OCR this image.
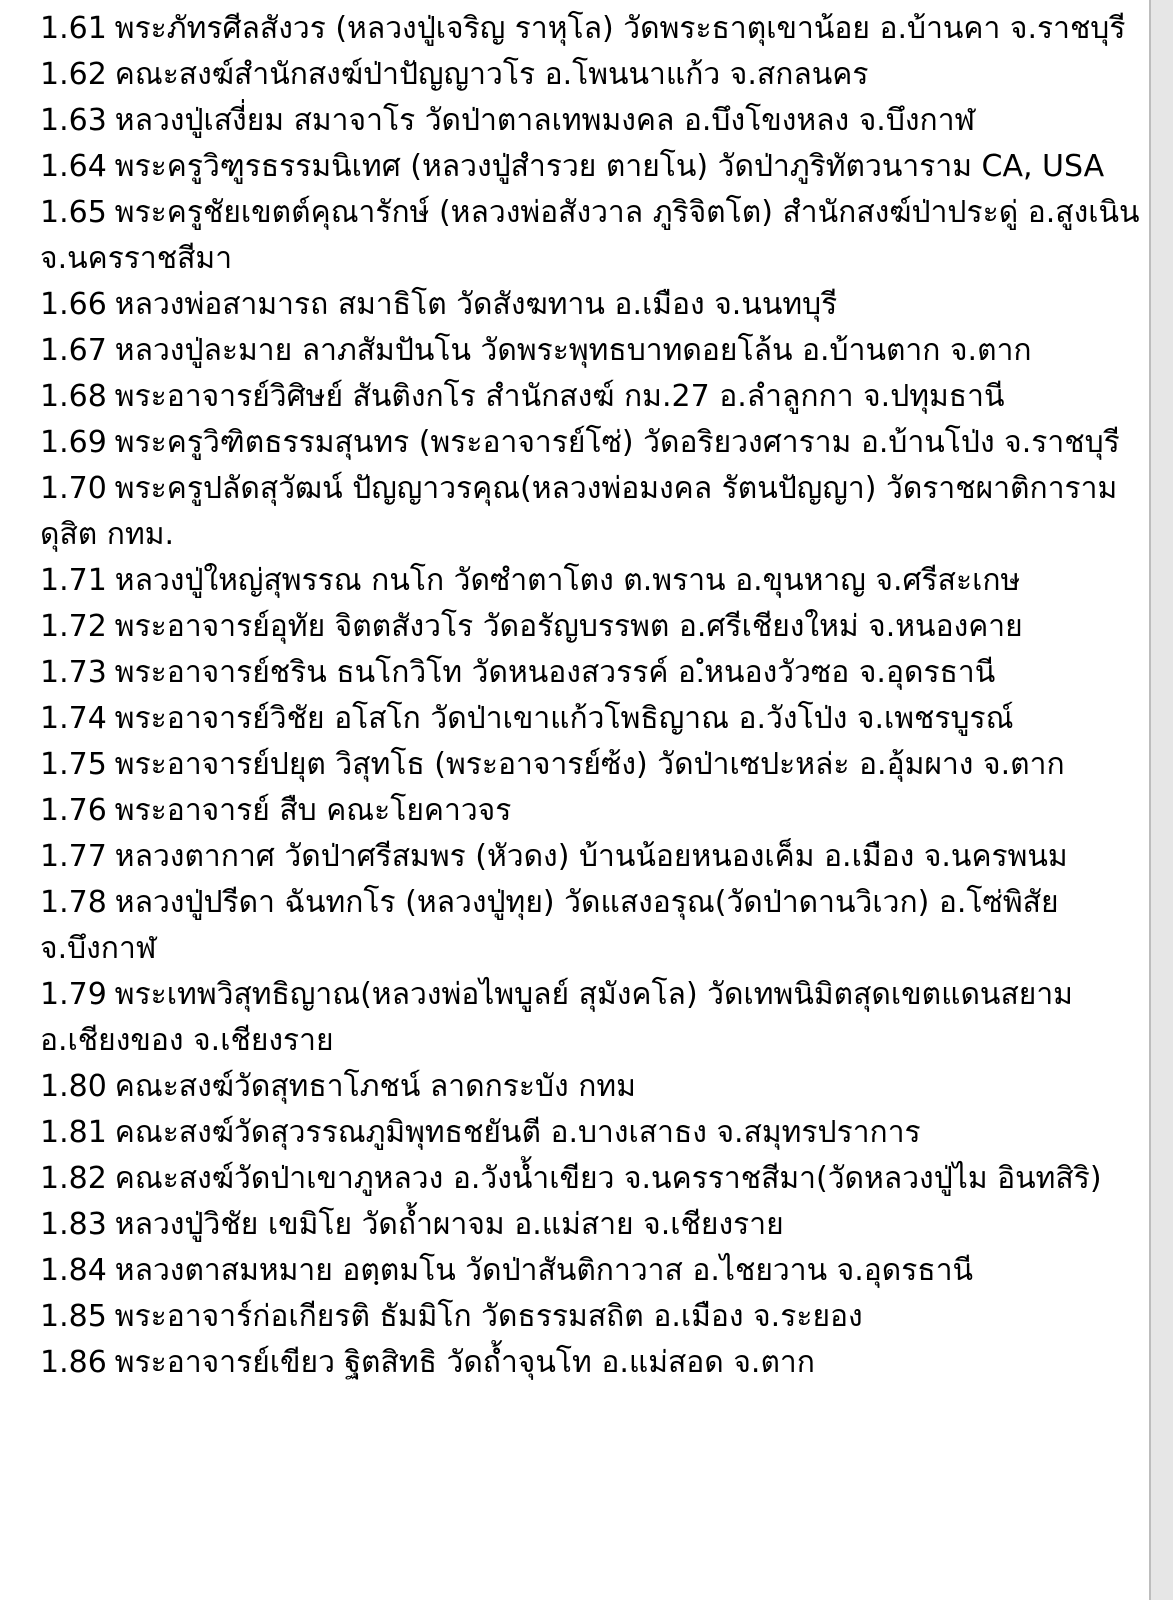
1.61 พระภัทรศีลสังวร (หลวงปู่เจริญ ราหุโล) วัดพระธาตุเขาน้อย อ.บ้านคา จ.ราชบุรี

1.62 คณะสงฆ์สำนักสงฆ์ป่าปัญญาวโร อ.โพนนาแก้ว จ.สกลนคร

1.63 หลวงปู่เสงี่ยม สมาจาโร วัดป่าตาลเทพมงคล อ.บึงโขงหลง จ.บึงกาฬ

1.64 พระครูวิฑูรธรรมนิเทศ (หลวงปู่สำรวย ตายโน) วัดป่าภูริทัตวนาราม CA, USA

1.65 พระครูชัยเขตต์คุณารักษ์ (หลวงพ่อสังวาล ภูริจิตโต) สำนักสงฆ์ป่าประดู่ อ.สูงเนิน จ.นครราชสีมา

1.66 หลวงพ่อสามารถ สมาธิโต วัดสังฆทาน อ.เมือง จ.นนทบุรี

1.67 หลวงปู่ละมาย ลาภสัมปันโน วัดพระพุทธบาทดอยโล้น อ.บ้านตาก จ.ตาก

1.68 พระอาจารย์วิศิษย์ สันติงกโร สำนักสงฆ์ กม.27 อ.ลำลูกกา จ.ปทุมธานี

1.69 พระครูวิฑิตธรรมสุนทร (พระอาจารย์โซ่) วัดอริยวงศาราม อ.บ้านโป่ง จ.ราชบุรี

1.70 พระครูปลัดสุวัฒน์ ปัญญาวรคุณ(หลวงพ่อมงคล รัตนปัญญา) วัดราชผาติการาม ดุสิต กทม.

1.71 หลวงปู่ใหญ่สุพรรณ กนโก วัดซำตาโตง ต.พราน อ.ขุนหาญ จ.ศรีสะเกษ

1.72 พระอาจารย์อุทัย จิตตสังวโร วัดอรัญบรรพต อ.ศรีเชียงใหม่ จ.หนองคาย

1.73 พระอาจารย์ชริน ธนโกวิโท วัดหนองสวรรค์ อ.ํหนองวัวซอ จ.อุดรธานี

1.74 พระอาจารย์วิชัย อโสโก วัดป่าเขาแก้วโพธิญาณ อ.วังโป่ง จ.เพชรบูรณ์

1.75 พระอาจารย์ปยุต วิสุทโธ (พระอาจารย์ซ้ง) วัดป่าเซปะหล่ะ อ.อุ้มผาง จ.ตาก

1.76 พระอาจารย์ สืบ คณะโยคาวจร

1.77 หลวงตากาศ วัดป่าศรีสมพร (หัวดง) บ้านน้อยหนองเค็ม อ.เมือง จ.นครพนม

1.78 หลวงปู่ปรีดา ฉันทกโร (หลวงปู่ทุย) วัดแสงอรุณ(วัดป่าดานวิเวก) อ.โซ่พิสัย จ.บึงกาฬ

1.79 พระเทพวิสุทธิญาณ(หลวงพ่อไพบูลย์ สุมังคโล) วัดเทพนิมิตสุดเขตแดนสยาม อ.เชียงของ จ.เชียงราย

1.80 คณะสงฆ์วัดสุทธาโภชน์ ลาดกระบัง กทม

1.81 คณะสงฆ์วัดสุวรรณภูมิพุทธชยันตี อ.บางเสาธง จ.สมุทรปราการ

1.82 คณะสงฆ์วัดป่าเขาภูหลวง อ.วังน้ำเขียว จ.นครราชสีมา(วัดหลวงปู่ไม อินทสิริ)

1.83 หลวงปู่วิชัย เขมิโย วัดถ้ำผาจม อ.แม่สาย จ.เชียงราย

1.84 หลวงตาสมหมาย อตฺตมโน วัดป่าสันติกาวาส อ.ไชยวาน จ.อุดรธานี

1.85 พระอาจาร์ก่อเกียรติ ธัมมิโก วัดธรรมสถิต อ.เมือง จ.ระยอง

1.86 พระอาจารย์เขียว ฐิตสิทธิ วัดถ้ำจุนโท อ.แม่สอด จ.ตาก
